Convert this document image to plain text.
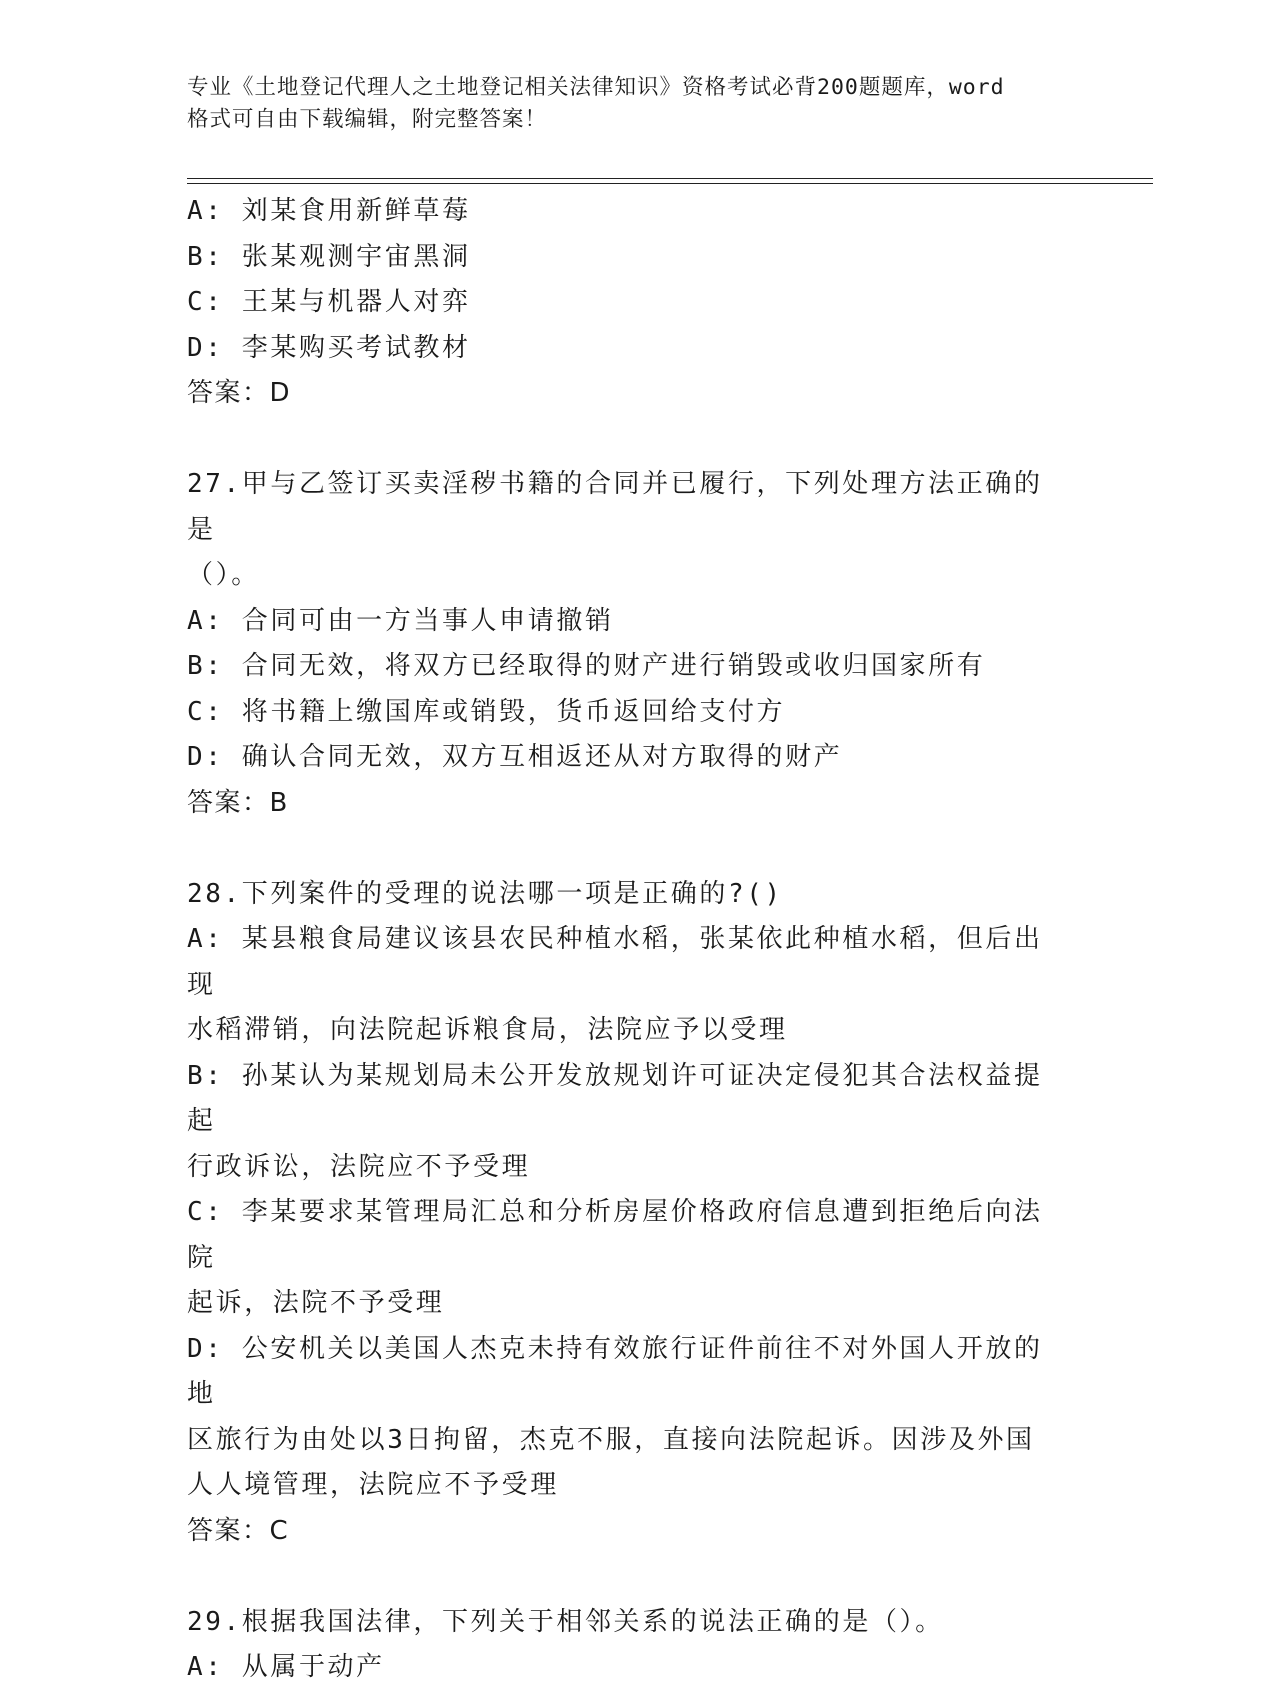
专业《土地登记代理人之土地登记相关法律知识》资格考试必背200题题库，word
格式可自由下载编辑，附完整答案！
A: 刘某食用新鲜草莓
B: 张某观测宇宙黑洞
C: 王某与机器人对弈
D: 李某购买考试教材
答案：D
27.甲与乙签订买卖淫秽书籍的合同并已履行，下列处理方法正确的是
（）。
A: 合同可由一方当事人申请撤销
B: 合同无效，将双方已经取得的财产进行销毁或收归国家所有
C: 将书籍上缴国库或销毁，货币返回给支付方
D: 确认合同无效，双方互相返还从对方取得的财产
答案：B
28.下列案件的受理的说法哪一项是正确的?()
A: 某县粮食局建议该县农民种植水稻，张某依此种植水稻，但后出现
水稻滞销，向法院起诉粮食局，法院应予以受理
B: 孙某认为某规划局未公开发放规划许可证决定侵犯其合法权益提起
行政诉讼，法院应不予受理
C: 李某要求某管理局汇总和分析房屋价格政府信息遭到拒绝后向法院
起诉，法院不予受理
D: 公安机关以美国人杰克未持有效旅行证件前往不对外国人开放的地
区旅行为由处以3日拘留，杰克不服，直接向法院起诉。因涉及外国
人人境管理，法院应不予受理
答案：C
29.根据我国法律，下列关于相邻关系的说法正确的是（）。
A: 从属于动产
